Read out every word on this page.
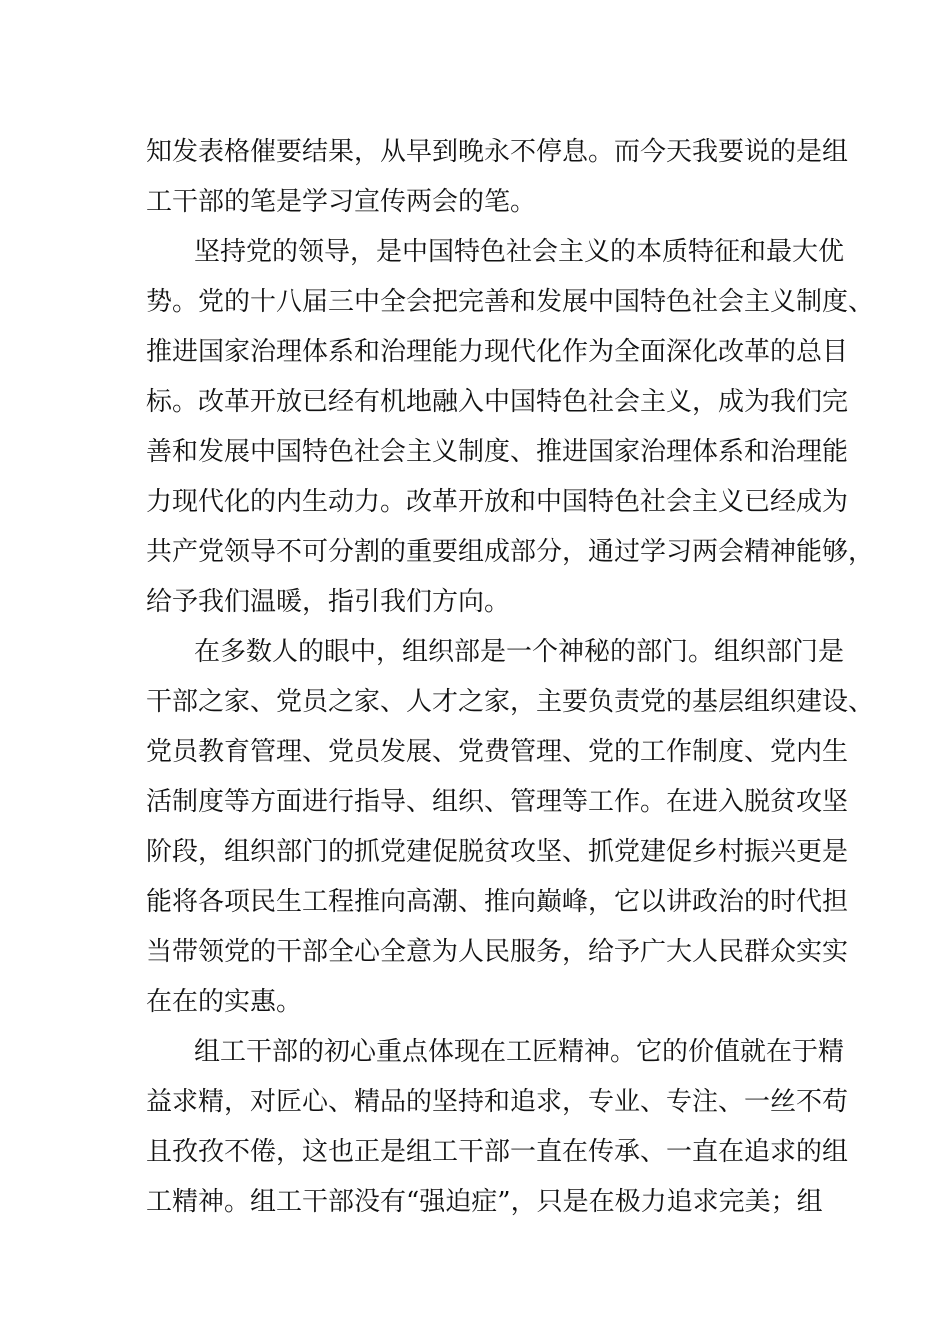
知发表格催要结果，从早到晚永不停息。而今天我要说的是组
工干部的笔是学习宣传两会的笔。
坚持党的领导，是中国特色社会主义的本质特征和最大优
势。党的十八届三中全会把完善和发展中国特色社会主义制度、
推进国家治理体系和治理能力现代化作为全面深化改革的总目
标。改革开放已经有机地融入中国特色社会主义，成为我们完
善和发展中国特色社会主义制度、推进国家治理体系和治理能
力现代化的内生动力。改革开放和中国特色社会主义已经成为
共产党领导不可分割的重要组成部分，通过学习两会精神能够，
给予我们温暖，指引我们方向。
在多数人的眼中，组织部是一个神秘的部门。组织部门是
干部之家、党员之家、人才之家，主要负责党的基层组织建设、
党员教育管理、党员发展、党费管理、党的工作制度、党内生
活制度等方面进行指导、组织、管理等工作。在进入脱贫攻坚
阶段，组织部门的抓党建促脱贫攻坚、抓党建促乡村振兴更是
能将各项民生工程推向高潮、推向巅峰，它以讲政治的时代担
当带领党的干部全心全意为人民服务，给予广大人民群众实实
在在的实惠。
组工干部的初心重点体现在工匠精神。它的价值就在于精
益求精，对匠心、精品的坚持和追求，专业、专注、一丝不苟
且孜孜不倦，这也正是组工干部一直在传承、一直在追求的组
工精神。组工干部没有“强迫症”，只是在极力追求完美；组
